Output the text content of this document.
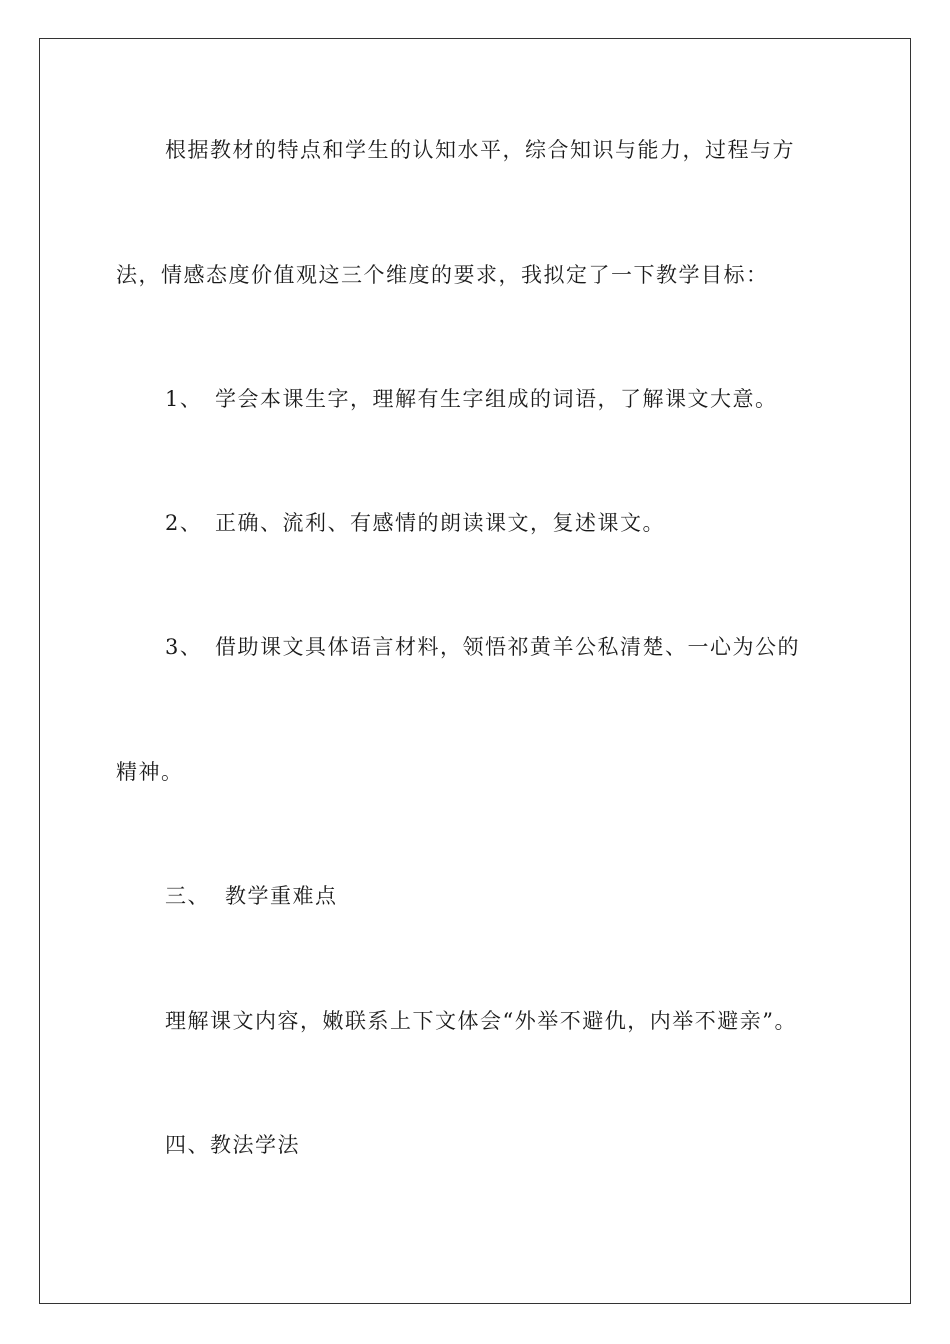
根据教材的特点和学生的认知水平，综合知识与能力，过程与方
法，情感态度价值观这三个维度的要求，我拟定了一下教学目标：
1、 学会本课生字，理解有生字组成的词语，了解课文大意。
2、 正确、流利、有感情的朗读课文，复述课文。
3、 借助课文具体语言材料，领悟祁黄羊公私清楚、一心为公的
精神。
三、 教学重难点
理解课文内容，嫩联系上下文体会“外举不避仇，内举不避亲”。
四、教法学法
